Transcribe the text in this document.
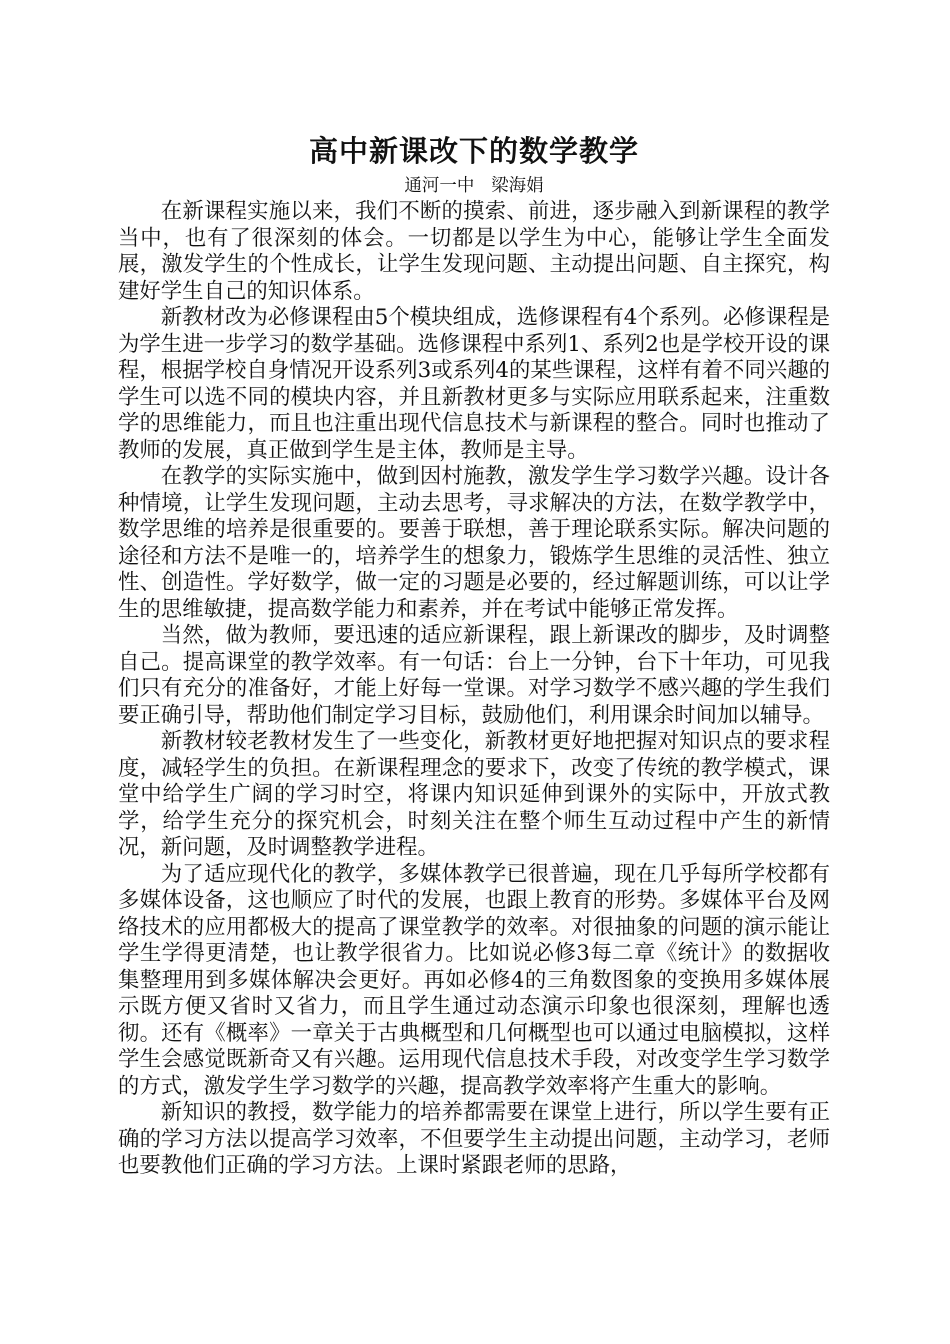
高中新课改下的数学教学

通河一中   梁海娟

在新课程实施以来，我们不断的摸索、前进，逐步融入到新课程的教学当中，也有了很深刻的体会。一切都是以学生为中心，能够让学生全面发展，激发学生的个性成长，让学生发现问题、主动提出问题、自主探究，构建好学生自己的知识体系。

新教材改为必修课程由5个模块组成，选修课程有4个系列。必修课程是为学生进一步学习的数学基础。选修课程中系列1、系列2也是学校开设的课程，根据学校自身情况开设系列3或系列4的某些课程，这样有着不同兴趣的学生可以选不同的模块内容，并且新教材更多与实际应用联系起来，注重数学的思维能力，而且也注重出现代信息技术与新课程的整合。同时也推动了教师的发展，真正做到学生是主体，教师是主导。

在教学的实际实施中，做到因村施教，激发学生学习数学兴趣。设计各种情境，让学生发现问题，主动去思考，寻求解决的方法，在数学教学中，数学思维的培养是很重要的。要善于联想，善于理论联系实际。解决问题的途径和方法不是唯一的，培养学生的想象力，锻炼学生思维的灵活性、独立性、创造性。学好数学，做一定的习题是必要的，经过解题训练，可以让学生的思维敏捷，提高数学能力和素养，并在考试中能够正常发挥。

当然，做为教师，要迅速的适应新课程，跟上新课改的脚步，及时调整自己。提高课堂的教学效率。有一句话：台上一分钟，台下十年功，可见我们只有充分的准备好，才能上好每一堂课。对学习数学不感兴趣的学生我们要正确引导，帮助他们制定学习目标，鼓励他们，利用课余时间加以辅导。

新教材较老教材发生了一些变化，新教材更好地把握对知识点的要求程度，减轻学生的负担。在新课程理念的要求下，改变了传统的教学模式，课堂中给学生广阔的学习时空，将课内知识延伸到课外的实际中，开放式教学，给学生充分的探究机会，时刻关注在整个师生互动过程中产生的新情况，新问题，及时调整教学进程。

为了适应现代化的教学，多媒体教学已很普遍，现在几乎每所学校都有多媒体设备，这也顺应了时代的发展，也跟上教育的形势。多媒体平台及网络技术的应用都极大的提高了课堂教学的效率。对很抽象的问题的演示能让学生学得更清楚，也让教学很省力。比如说必修3每二章《统计》的数据收集整理用到多媒体解决会更好。再如必修4的三角数图象的变换用多媒体展示既方便又省时又省力，而且学生通过动态演示印象也很深刻，理解也透彻。还有《概率》一章关于古典概型和几何概型也可以通过电脑模拟，这样学生会感觉既新奇又有兴趣。运用现代信息技术手段，对改变学生学习数学的方式，激发学生学习数学的兴趣，提高教学效率将产生重大的影响。

新知识的教授，数学能力的培养都需要在课堂上进行，所以学生要有正确的学习方法以提高学习效率，不但要学生主动提出问题，主动学习，老师也要教他们正确的学习方法。上课时紧跟老师的思路，
